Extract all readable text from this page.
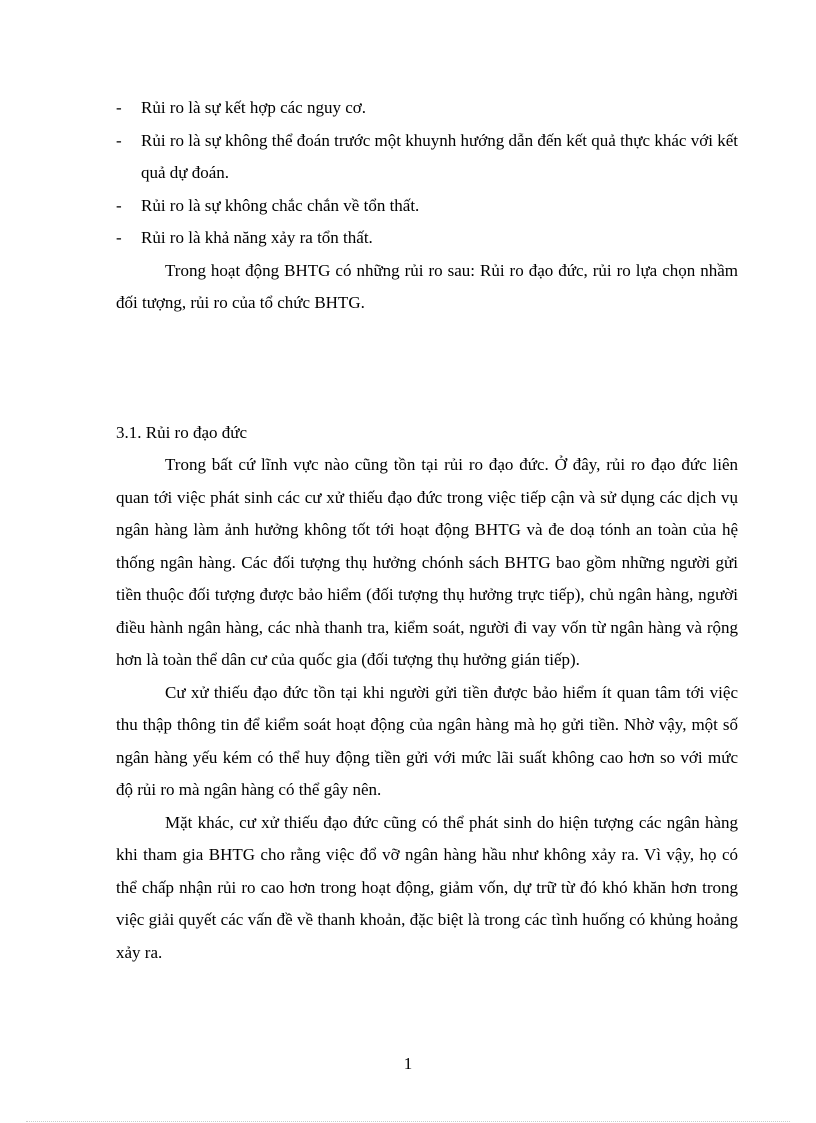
- Rủi ro là sự kết hợp các nguy cơ.
- Rủi ro là sự không thể đoán trước một khuynh hướng dẫn đến kết quả thực khác với kết quả dự đoán.
- Rủi ro là sự không chắc chắn về tổn thất.
- Rủi ro là khả năng xảy ra tổn thất.

Trong hoạt động BHTG có những rủi ro sau: Rủi ro đạo đức, rủi ro lựa chọn nhầm đối tượng, rủi ro của tổ chức BHTG.

3.1. Rủi ro đạo đức

Trong bất cứ lĩnh vực nào cũng tồn tại rủi ro đạo đức. Ở đây, rủi ro đạo đức liên quan tới việc phát sinh các cư xử thiếu đạo đức trong việc tiếp cận và sử dụng các dịch vụ ngân hàng làm ảnh hưởng không tốt tới hoạt động BHTG và đe doạ tónh an toàn của hệ thống ngân hàng. Các đối tượng thụ hưởng chónh sách BHTG bao gồm những người gửi tiền thuộc đối tượng được bảo hiểm (đối tượng thụ hưởng trực tiếp), chủ ngân hàng, người điều hành ngân hàng, các nhà thanh tra, kiểm soát, người đi vay vốn từ ngân hàng và rộng hơn là toàn thể dân cư của quốc gia (đối tượng thụ hưởng gián tiếp).

Cư xử thiếu đạo đức tồn tại khi người gửi tiền được bảo hiểm ít quan tâm tới việc thu thập thông tin để kiểm soát hoạt động của ngân hàng mà họ gửi tiền. Nhờ vậy, một số ngân hàng yếu kém có thể huy động tiền gửi với mức lãi suất không cao hơn so với mức độ rủi ro mà ngân hàng có thể gây nên.

Mặt khác, cư xử thiếu đạo đức cũng có thể phát sinh do hiện tượng các ngân hàng khi tham gia BHTG cho rằng việc đổ vỡ ngân hàng hầu như không xảy ra. Vì vậy, họ có thể chấp nhận rủi ro cao hơn trong hoạt động, giảm vốn, dự trữ từ đó khó khăn hơn trong việc giải quyết các vấn đề về thanh khoản, đặc biệt là trong các tình huống có khủng hoảng xảy ra.

1
